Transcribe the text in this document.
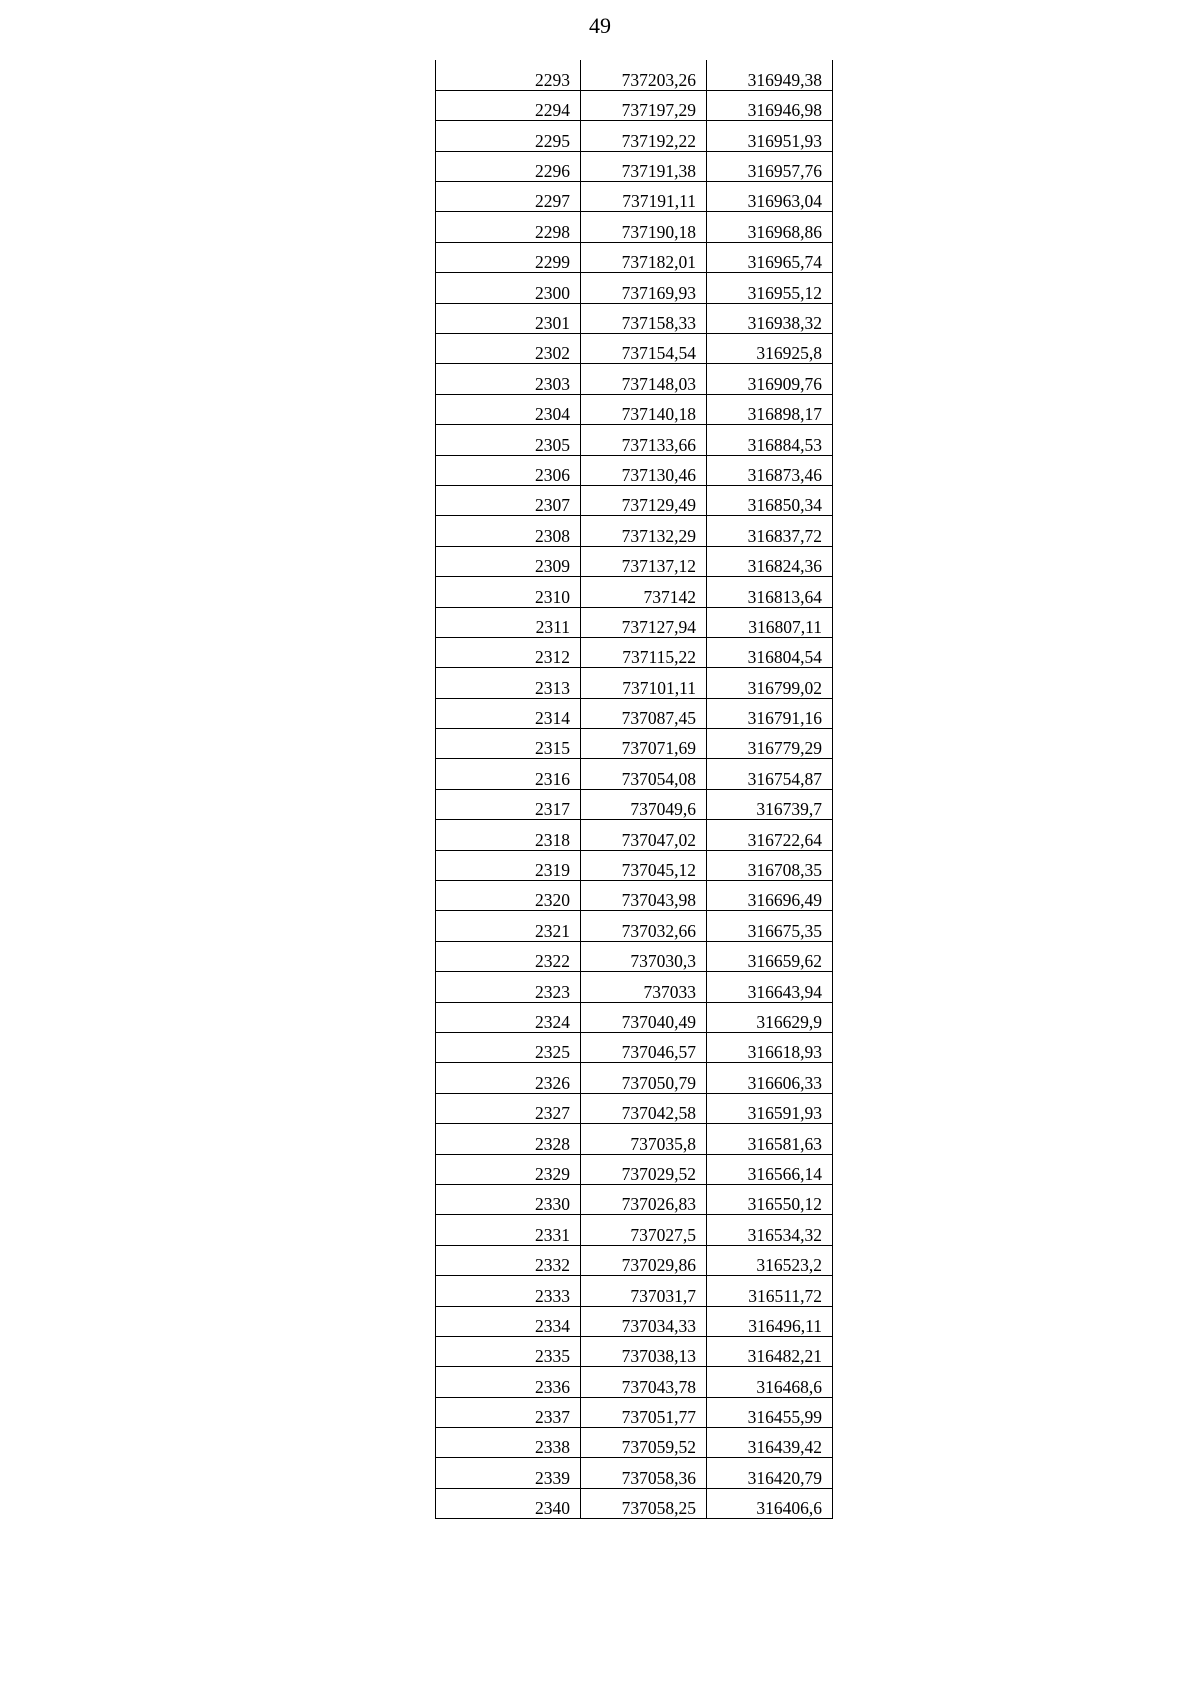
49
2293	737203,26	316949,38
2294	737197,29	316946,98
2295	737192,22	316951,93
2296	737191,38	316957,76
2297	737191,11	316963,04
2298	737190,18	316968,86
2299	737182,01	316965,74
2300	737169,93	316955,12
2301	737158,33	316938,32
2302	737154,54	316925,8
2303	737148,03	316909,76
2304	737140,18	316898,17
2305	737133,66	316884,53
2306	737130,46	316873,46
2307	737129,49	316850,34
2308	737132,29	316837,72
2309	737137,12	316824,36
2310	737142	316813,64
2311	737127,94	316807,11
2312	737115,22	316804,54
2313	737101,11	316799,02
2314	737087,45	316791,16
2315	737071,69	316779,29
2316	737054,08	316754,87
2317	737049,6	316739,7
2318	737047,02	316722,64
2319	737045,12	316708,35
2320	737043,98	316696,49
2321	737032,66	316675,35
2322	737030,3	316659,62
2323	737033	316643,94
2324	737040,49	316629,9
2325	737046,57	316618,93
2326	737050,79	316606,33
2327	737042,58	316591,93
2328	737035,8	316581,63
2329	737029,52	316566,14
2330	737026,83	316550,12
2331	737027,5	316534,32
2332	737029,86	316523,2
2333	737031,7	316511,72
2334	737034,33	316496,11
2335	737038,13	316482,21
2336	737043,78	316468,6
2337	737051,77	316455,99
2338	737059,52	316439,42
2339	737058,36	316420,79
2340	737058,25	316406,6
